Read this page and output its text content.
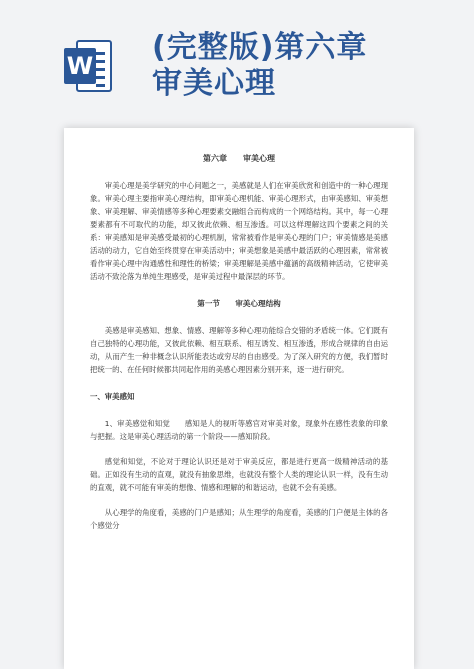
W
(完整版)第六章
审美心理
第六章　　审美心理

审美心理是美学研究的中心问题之一，美感就是人们在审美欣赏和创造中的一种心理现象。审美心理主要指审美心理结构，即审美心理机能、审美心理形式，由审美感知、审美想象、审美理解、审美情感等多种心理要素交融组合而构成的一个网络结构。其中，每一心理要素都有不可取代的功能，却又彼此依赖、相互渗透。可以这样理解这四个要素之间的关系：审美感知是审美感受最初的心理机制，常常被看作是审美心理的门户；审美情感是美感活动的动力，它自始至终贯穿在审美活动中；审美想象是美感中最活跃的心理因素，常常被看作审美心理中沟通感性和理性的桥梁；审美理解是美感中蕴涵的高级精神活动，它使审美活动不致沦落为单纯生理感受，是审美过程中最深层的环节。

第一节　　审美心理结构

美感是审美感知、想象、情感、理解等多种心理功能综合交错的矛盾统一体。它们既有自己独特的心理功能，又彼此依赖、相互联系、相互诱发、相互渗透，形成合规律的自由运动，从而产生一种非概念认识所能表达或穷尽的自由感受。为了深入研究的方便，我们暂时把统一的、在任何时候都共同起作用的美感心理因素分别开来，逐一进行研究。

一、审美感知

1、审美感觉和知觉　　感知是人的视听等感官对审美对象，现象外在感性表象的印象与把握。这是审美心理活动的第一个阶段——感知阶段。

感觉和知觉，不论对于理论认识还是对于审美反应，都是进行更高一级精神活动的基础。正如没有生动的直观，就没有抽象思维，也就没有整个人类的理论认识一样，没有生动的直观，就不可能有审美的想像、情感和理解的和谐运动，也就不会有美感。

从心理学的角度看，美感的门户是感知；从生理学的角度看，美感的门户便是主体的各个感觉分
